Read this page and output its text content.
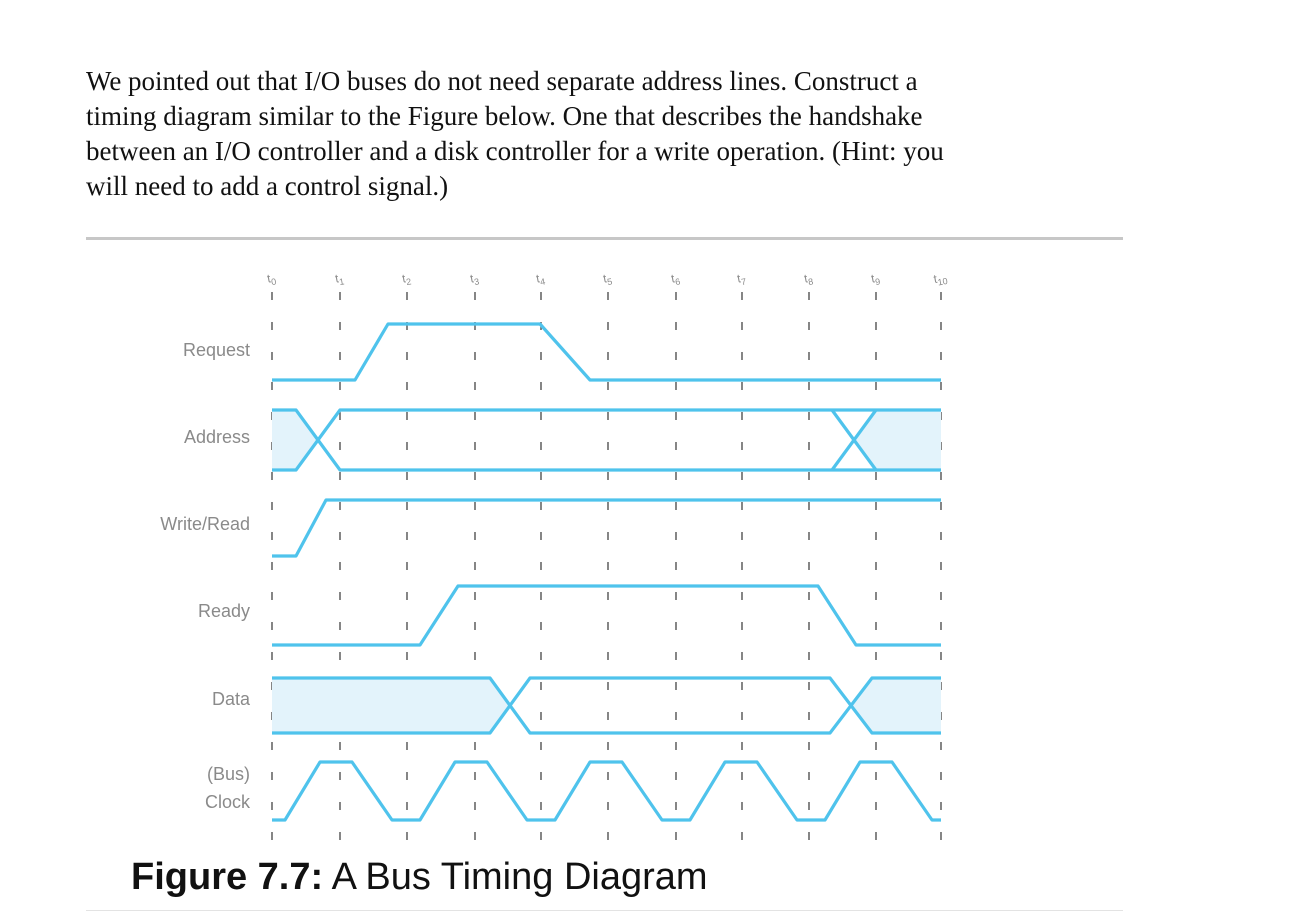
We pointed out that I/O buses do not need separate address lines. Construct a
timing diagram similar to the Figure below. One that describes the handshake
between an I/O controller and a disk controller for a write operation. (Hint: you
will need to add a control signal.)
$t_0$	$t_1$	$t_2$	$t_3$	$t_4$	$t_5$	$t_6$	$t_7$	$t_8$	$t_9$	$t_{10}$
Request
Address
Write/Read
Ready
Data
(Bus)
Clock
Figure 7.7: A Bus Timing Diagram
